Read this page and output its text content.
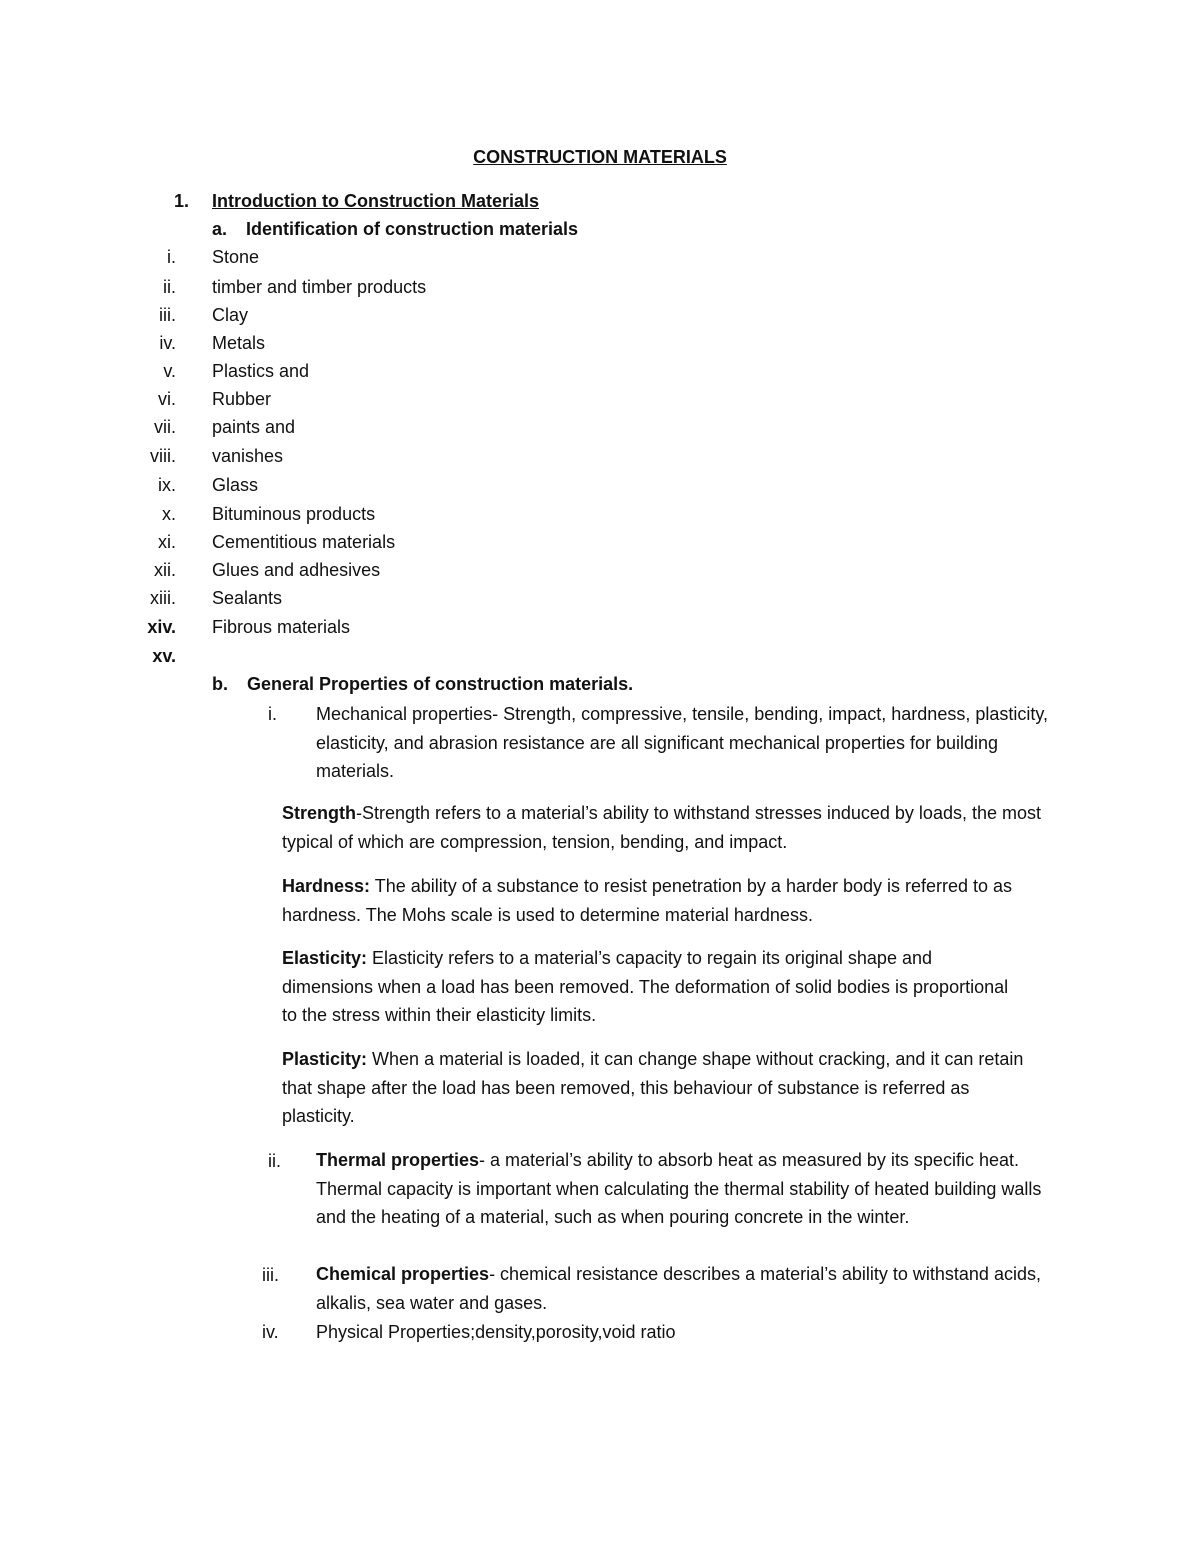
CONSTRUCTION MATERIALS
1. Introduction to Construction Materials
a. Identification of construction materials
i. Stone
ii. timber and timber products
iii. Clay
iv. Metals
v. Plastics and
vi. Rubber
vii. paints and
viii. vanishes
ix. Glass
x. Bituminous products
xi. Cementitious materials
xii. Glues and adhesives
xiii. Sealants
xiv. Fibrous materials
xv.
b. General Properties of construction materials.
i. Mechanical properties- Strength, compressive, tensile, bending, impact, hardness, plasticity, elasticity, and abrasion resistance are all significant mechanical properties for building materials.
Strength-Strength refers to a material’s ability to withstand stresses induced by loads, the most typical of which are compression, tension, bending, and impact.
Hardness: The ability of a substance to resist penetration by a harder body is referred to as hardness. The Mohs scale is used to determine material hardness.
Elasticity: Elasticity refers to a material’s capacity to regain its original shape and dimensions when a load has been removed. The deformation of solid bodies is proportional to the stress within their elasticity limits.
Plasticity: When a material is loaded, it can change shape without cracking, and it can retain that shape after the load has been removed, this behaviour of substance is referred as plasticity.
ii. Thermal properties- a material’s ability to absorb heat as measured by its specific heat. Thermal capacity is important when calculating the thermal stability of heated building walls and the heating of a material, such as when pouring concrete in the winter.
iii. Chemical properties- chemical resistance describes a material’s ability to withstand acids, alkalis, sea water and gases.
iv. Physical Properties;density,porosity,void ratio
